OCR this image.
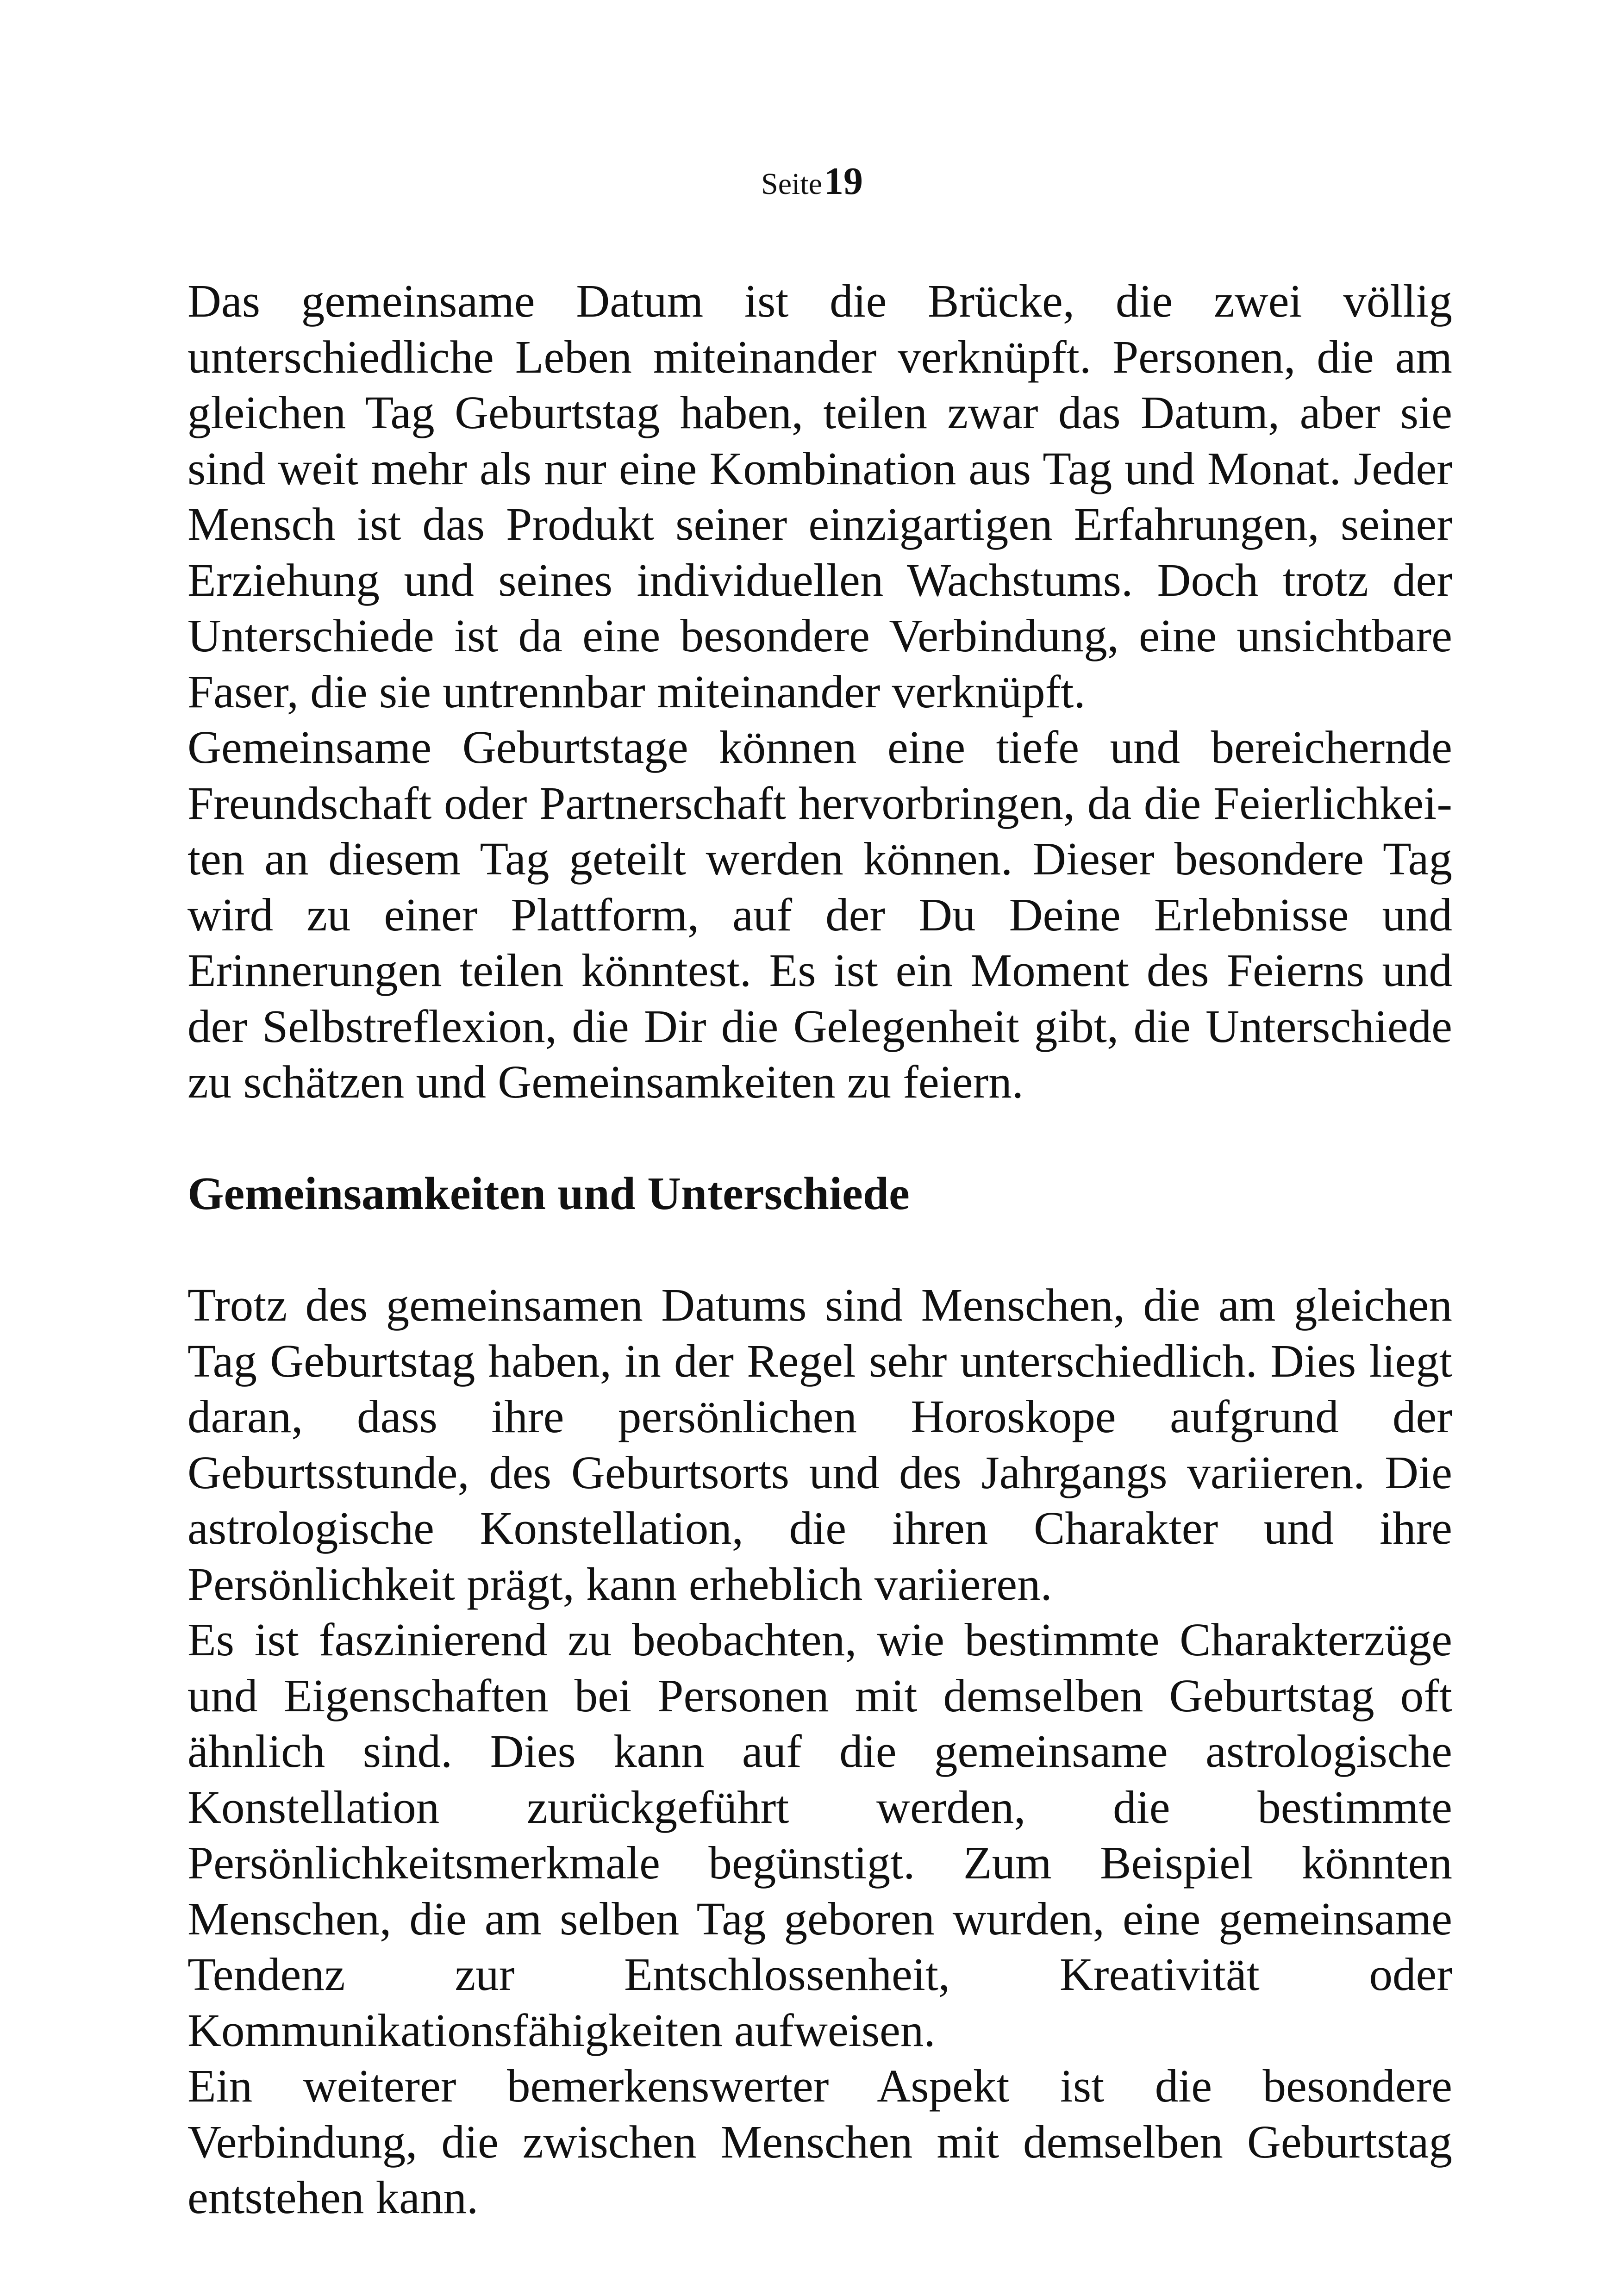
Seite 19

Das gemeinsame Datum ist die Brücke, die zwei völlig unterschiedliche Leben miteinander verknüpft. Personen, die am gleichen Tag Geburtstag haben, teilen zwar das Datum, aber sie sind weit mehr als nur eine Kombination aus Tag und Monat. Jeder Mensch ist das Produkt seiner einzigartigen Erfahrungen, seiner Erziehung und seines individuellen Wachstums. Doch trotz der Unterschiede ist da eine besondere Verbindung, eine unsichtbare Faser, die sie untrennbar miteinander verknüpft.

Gemeinsame Geburtstage können eine tiefe und bereichernde Freundschaft oder Partnerschaft hervorbringen, da die Feierlichkeiten an diesem Tag geteilt werden können. Dieser besondere Tag wird zu einer Plattform, auf der Du Deine Erlebnisse und Erinnerungen teilen könntest. Es ist ein Moment des Feierns und der Selbstreflexion, die Dir die Gelegenheit gibt, die Unterschiede zu schätzen und Gemeinsamkeiten zu feiern.

Gemeinsamkeiten und Unterschiede

Trotz des gemeinsamen Datums sind Menschen, die am gleichen Tag Geburtstag haben, in der Regel sehr unterschiedlich. Dies liegt daran, dass ihre persönlichen Horoskope aufgrund der Geburtsstunde, des Geburtsorts und des Jahrgangs variieren. Die astrologische Konstellation, die ihren Charakter und ihre Persönlichkeit prägt, kann erheblich variieren.

Es ist faszinierend zu beobachten, wie bestimmte Charakterzüge und Eigenschaften bei Personen mit demselben Geburtstag oft ähnlich sind. Dies kann auf die gemeinsame astrologische Konstellation zurückgeführt werden, die bestimmte Persönlichkeitsmerkmale begünstigt. Zum Beispiel könnten Menschen, die am selben Tag geboren wurden, eine gemeinsame Tendenz zur Entschlossenheit, Kreativität oder Kommunikationsfähigkeiten aufweisen.

Ein weiterer bemerkenswerter Aspekt ist die besondere Verbindung, die zwischen Menschen mit demselben Geburtstag entstehen kann.
